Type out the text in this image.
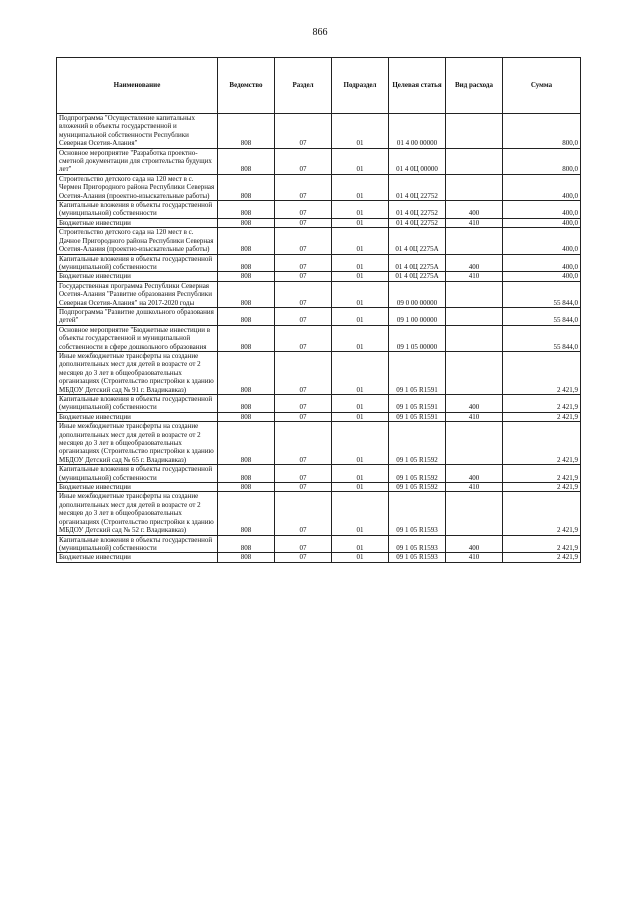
866
Наименование	Ведомство	Раздел	Подраздел	Целевая статья	Вид расхода	Сумма
Подпрограмма "Осуществление капитальных вложений в объекты государственной и муниципальной собственности Республики Северная Осетия-Алания"	808	07	01	01 4 00 00000		800,0
Основное мероприятие "Разработка проектно-сметной документации для строительства будущих лет"	808	07	01	01 4 0Ц 00000		800,0
Строительство детского сада на 120 мест в с. Чермен Пригородного района Республики Северная Осетия-Алания (проектно-изыскательные работы)	808	07	01	01 4 0Ц 22752		400,0
Капитальные вложения в объекты государственной (муниципальной) собственности	808	07	01	01 4 0Ц 22752	400	400,0
Бюджетные инвестиции	808	07	01	01 4 0Ц 22752	410	400,0
Строительство детского сада на 120 мест в с. Дачное Пригородного района Республики Северная Осетия-Алания (проектно-изыскательные работы)	808	07	01	01 4 0Ц 2275А		400,0
Капитальные вложения в объекты государственной (муниципальной) собственности	808	07	01	01 4 0Ц 2275А	400	400,0
Бюджетные инвестиции	808	07	01	01 4 0Ц 2275А	410	400,0
Государственная программа Республики Северная Осетия-Алания "Развитие образования Республики Северная Осетия-Алания" на 2017-2020 годы	808	07	01	09 0 00 00000		55 844,0
Подпрограмма "Развитие дошкольного образования детей"	808	07	01	09 1 00 00000		55 844,0
Основное мероприятие "Бюджетные инвестиции в объекты государственной и муниципальной собственности в сфере дошкольного образования	808	07	01	09 1 05 00000		55 844,0
Иные межбюджетные трансферты на создание дополнительных мест для детей в возрасте от 2 месяцев до 3 лет в общеобразовательных организациях (Строительство пристройки к зданию МБДОУ Детский сад № 91 г. Владикавказ)	808	07	01	09 1 05 R1591		2 421,9
Капитальные вложения в объекты государственной (муниципальной) собственности	808	07	01	09 1 05 R1591	400	2 421,9
Бюджетные инвестиции	808	07	01	09 1 05 R1591	410	2 421,9
Иные межбюджетные трансферты на создание дополнительных мест для детей в возрасте от 2 месяцев до 3 лет в общеобразовательных организациях (Строительство пристройки к зданию МБДОУ Детский сад № 65 г. Владикавказ)	808	07	01	09 1 05 R1592		2 421,9
Капитальные вложения в объекты государственной (муниципальной) собственности	808	07	01	09 1 05 R1592	400	2 421,9
Бюджетные инвестиции	808	07	01	09 1 05 R1592	410	2 421,9
Иные межбюджетные трансферты на создание дополнительных мест для детей в возрасте от 2 месяцев до 3 лет в общеобразовательных организациях (Строительство пристройки к зданию МБДОУ Детский сад № 52 г. Владикавказ)	808	07	01	09 1 05 R1593		2 421,9
Капитальные вложения в объекты государственной (муниципальной) собственности	808	07	01	09 1 05 R1593	400	2 421,9
Бюджетные инвестиции	808	07	01	09 1 05 R1593	410	2 421,9
